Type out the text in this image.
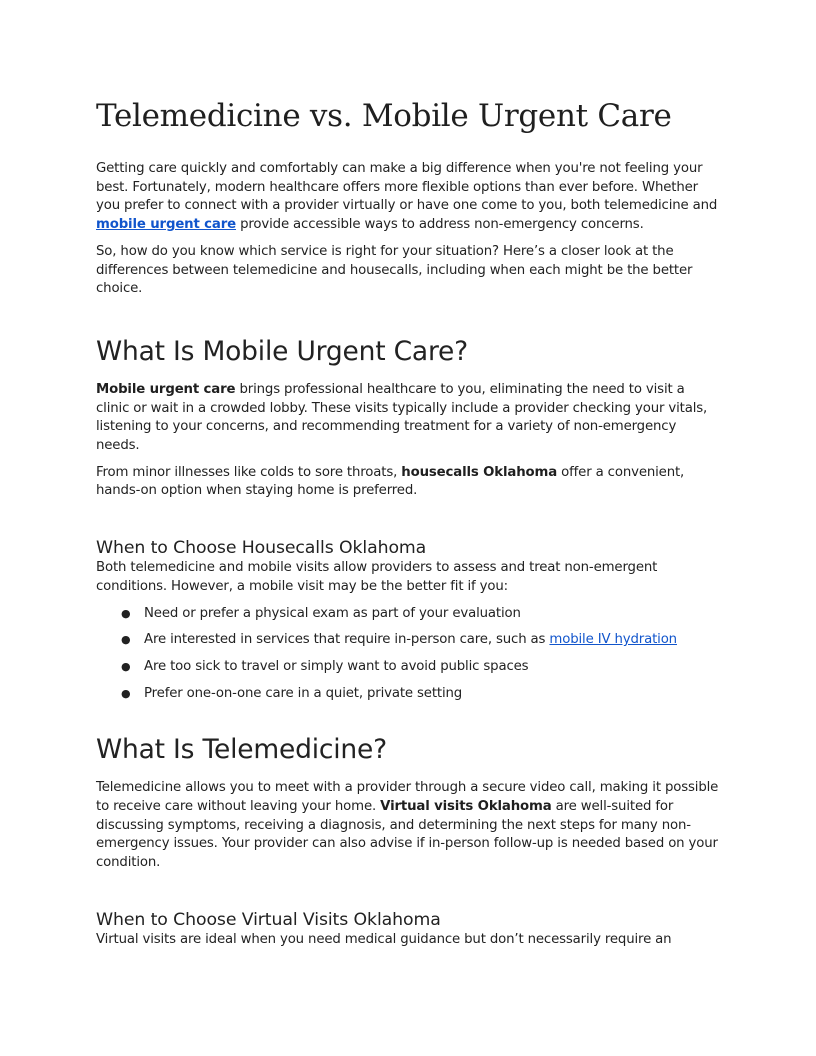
Telemedicine vs. Mobile Urgent Care

Getting care quickly and comfortably can make a big difference when you're not feeling your best. Fortunately, modern healthcare offers more flexible options than ever before. Whether you prefer to connect with a provider virtually or have one come to you, both telemedicine and mobile urgent care provide accessible ways to address non-emergency concerns.

So, how do you know which service is right for your situation? Here’s a closer look at the differences between telemedicine and housecalls, including when each might be the better choice.

What Is Mobile Urgent Care?

Mobile urgent care brings professional healthcare to you, eliminating the need to visit a clinic or wait in a crowded lobby. These visits typically include a provider checking your vitals, listening to your concerns, and recommending treatment for a variety of non-emergency needs.

From minor illnesses like colds to sore throats, housecalls Oklahoma offer a convenient, hands-on option when staying home is preferred.

When to Choose Housecalls Oklahoma

Both telemedicine and mobile visits allow providers to assess and treat non-emergent conditions. However, a mobile visit may be the better fit if you:

● Need or prefer a physical exam as part of your evaluation
● Are interested in services that require in-person care, such as mobile IV hydration
● Are too sick to travel or simply want to avoid public spaces
● Prefer one-on-one care in a quiet, private setting
What Is Telemedicine?

Telemedicine allows you to meet with a provider through a secure video call, making it possible to receive care without leaving your home. Virtual visits Oklahoma are well-suited for discussing symptoms, receiving a diagnosis, and determining the next steps for many non-emergency issues. Your provider can also advise if in-person follow-up is needed based on your condition.

When to Choose Virtual Visits Oklahoma

Virtual visits are ideal when you need medical guidance but don’t necessarily require an
